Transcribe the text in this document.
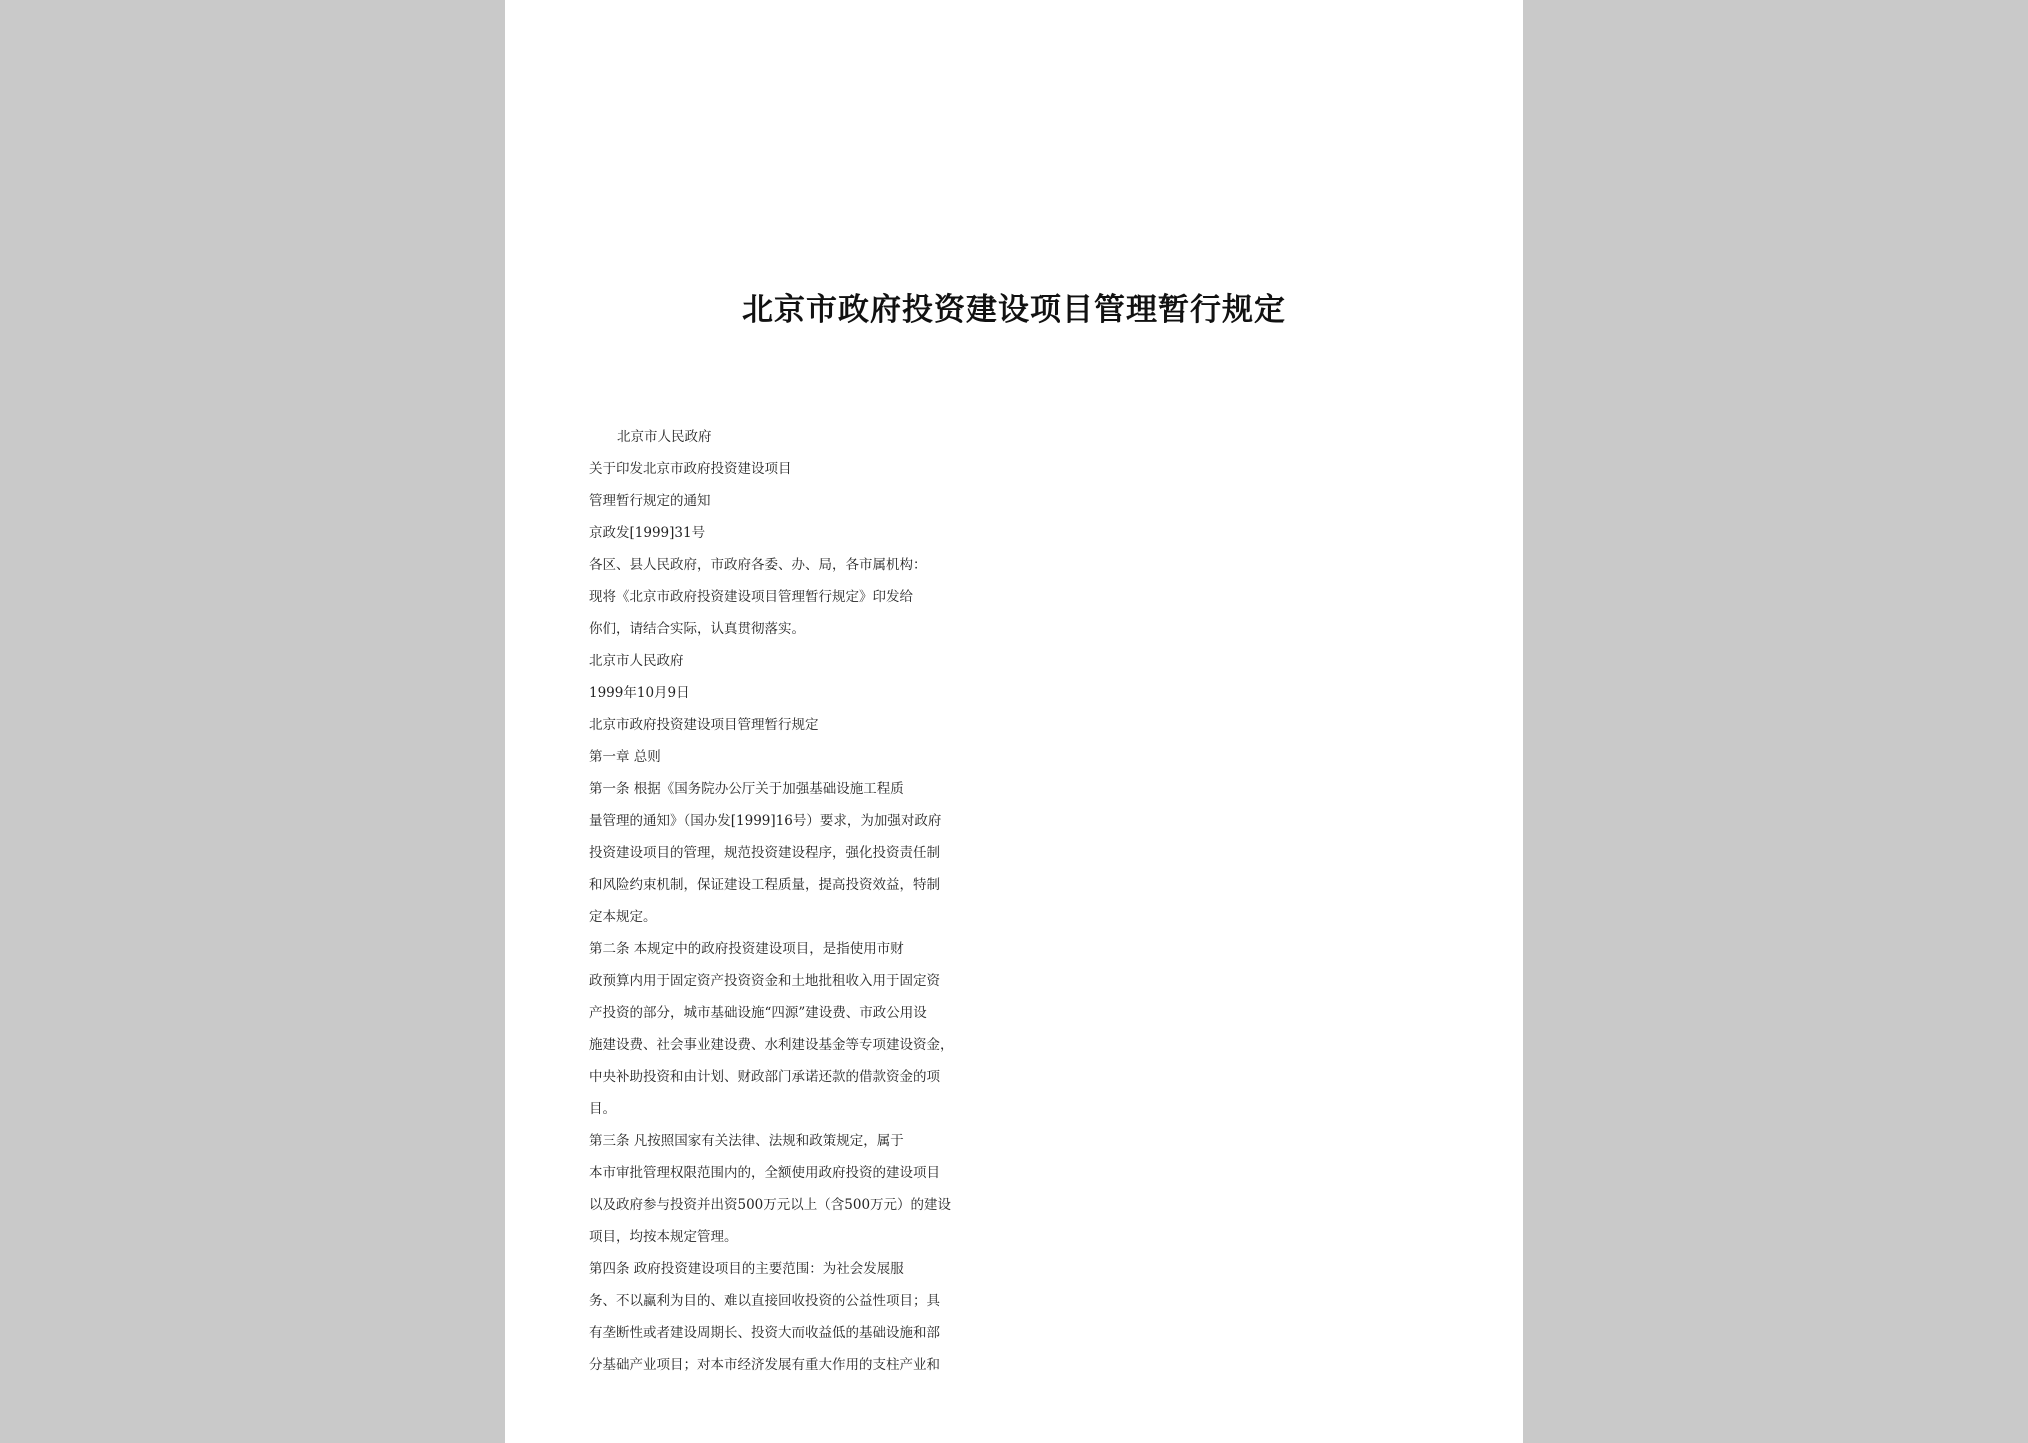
北京市政府投资建设项目管理暂行规定
北京市人民政府
关于印发北京市政府投资建设项目
管理暂行规定的通知
京政发[1999]31号
各区、县人民政府，市政府各委、办、局，各市属机构：
现将《北京市政府投资建设项目管理暂行规定》印发给
你们，请结合实际，认真贯彻落实。
北京市人民政府
1999年10月9日
北京市政府投资建设项目管理暂行规定
第一章 总则
第一条 根据《国务院办公厅关于加强基础设施工程质
量管理的通知》（国办发[1999]16号）要求，为加强对政府
投资建设项目的管理，规范投资建设程序，强化投资责任制
和风险约束机制，保证建设工程质量，提高投资效益，特制
定本规定。
第二条 本规定中的政府投资建设项目，是指使用市财
政预算内用于固定资产投资资金和土地批租收入用于固定资
产投资的部分，城市基础设施“四源”建设费、市政公用设
施建设费、社会事业建设费、水利建设基金等专项建设资金，
中央补助投资和由计划、财政部门承诺还款的借款资金的项
目。
第三条 凡按照国家有关法律、法规和政策规定，属于
本市审批管理权限范围内的，全额使用政府投资的建设项目
以及政府参与投资并出资500万元以上（含500万元）的建设
项目，均按本规定管理。
第四条 政府投资建设项目的主要范围：为社会发展服
务、不以赢利为目的、难以直接回收投资的公益性项目；具
有垄断性或者建设周期长、投资大而收益低的基础设施和部
分基础产业项目；对本市经济发展有重大作用的支柱产业和
